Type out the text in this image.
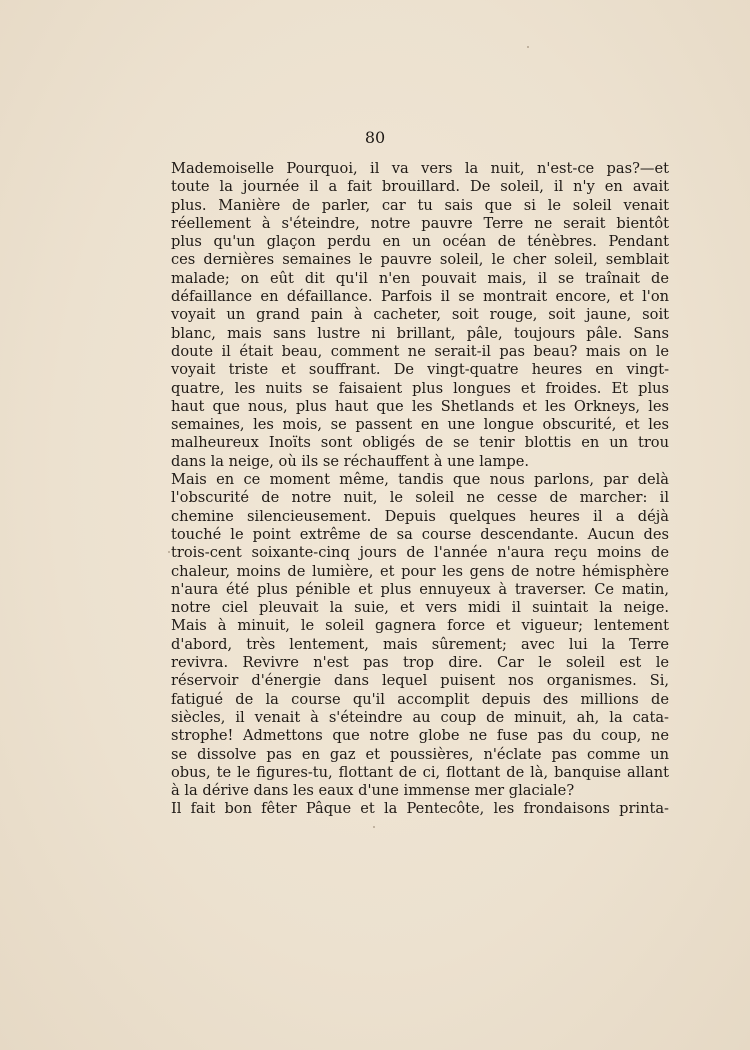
80
Mademoiselle Pourquoi, il va vers la nuit, n'est-ce pas?—et
toute la journée il a fait brouillard. De soleil, il n'y en avait
plus. Manière de parler, car tu sais que si le soleil venait
réellement à s'éteindre, notre pauvre Terre ne serait bientôt
plus qu'un glaçon perdu en un océan de ténèbres. Pendant
ces dernières semaines le pauvre soleil, le cher soleil, semblait
malade; on eût dit qu'il n'en pouvait mais, il se traînait de
défaillance en défaillance. Parfois il se montrait encore, et l'on
voyait un grand pain à cacheter, soit rouge, soit jaune, soit
blanc, mais sans lustre ni brillant, pâle, toujours pâle. Sans
doute il était beau, comment ne serait-il pas beau? mais on le
voyait triste et souffrant. De vingt-quatre heures en vingt-
quatre, les nuits se faisaient plus longues et froides. Et plus
haut que nous, plus haut que les Shetlands et les Orkneys, les
semaines, les mois, se passent en une longue obscurité, et les
malheureux Inoïts sont obligés de se tenir blottis en un trou
dans la neige, où ils se réchauffent à une lampe.
Mais en ce moment même, tandis que nous parlons, par delà
l'obscurité de notre nuit, le soleil ne cesse de marcher: il
chemine silencieusement. Depuis quelques heures il a déjà
touché le point extrême de sa course descendante. Aucun des
trois-cent soixante-cinq jours de l'année n'aura reçu moins de
chaleur, moins de lumière, et pour les gens de notre hémisphère
n'aura été plus pénible et plus ennuyeux à traverser. Ce matin,
notre ciel pleuvait la suie, et vers midi il suintait la neige.
Mais à minuit, le soleil gagnera force et vigueur; lentement
d'abord, très lentement, mais sûrement; avec lui la Terre
revivra. Revivre n'est pas trop dire. Car le soleil est le
réservoir d'énergie dans lequel puisent nos organismes. Si,
fatigué de la course qu'il accomplit depuis des millions de
siècles, il venait à s'éteindre au coup de minuit, ah, la cata-
strophe! Admettons que notre globe ne fuse pas du coup, ne
se dissolve pas en gaz et poussières, n'éclate pas comme un
obus, te le figures-tu, flottant de ci, flottant de là, banquise allant
à la dérive dans les eaux d'une immense mer glaciale?
Il fait bon fêter Pâque et la Pentecôte, les frondaisons printa-
